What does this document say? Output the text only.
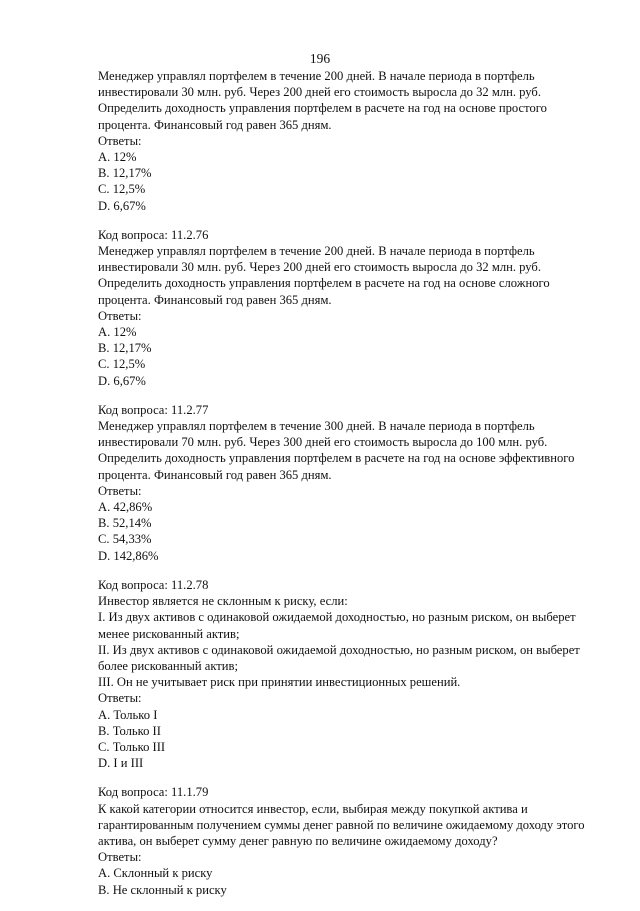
196
Менеджер управлял портфелем в течение 200 дней. В начале периода в портфель
инвестировали 30 млн. руб. Через 200 дней его стоимость выросла до 32 млн. руб.
Определить доходность управления портфелем в расчете на год на основе простого
процента. Финансовый год равен 365 дням.
Ответы:
A. 12%
B. 12,17%
C. 12,5%
D. 6,67%
Код вопроса: 11.2.76
Менеджер управлял портфелем в течение 200 дней. В начале периода в портфель
инвестировали 30 млн. руб. Через 200 дней его стоимость выросла до 32 млн. руб.
Определить доходность управления портфелем в расчете на год на основе сложного
процента. Финансовый год равен 365 дням.
Ответы:
A. 12%
B. 12,17%
C. 12,5%
D. 6,67%
Код вопроса: 11.2.77
Менеджер управлял портфелем в течение 300 дней. В начале периода в портфель
инвестировали 70 млн. руб. Через 300 дней его стоимость выросла до 100 млн. руб.
Определить доходность управления портфелем в расчете на год на основе эффективного
процента. Финансовый год равен 365 дням.
Ответы:
A. 42,86%
B. 52,14%
C. 54,33%
D. 142,86%
Код вопроса: 11.2.78
Инвестор является не склонным к риску, если:
I. Из двух активов с одинаковой ожидаемой доходностью, но разным риском, он выберет
менее рискованный актив;
II. Из двух активов с одинаковой ожидаемой доходностью, но разным риском, он выберет
более рискованный актив;
III. Он не учитывает риск при принятии инвестиционных решений.
Ответы:
A. Только I
B. Только II
C. Только III
D. I и III
Код вопроса: 11.1.79
К какой категории относится инвестор, если, выбирая между покупкой актива и
гарантированным получением суммы денег равной по величине ожидаемому доходу этого
актива, он выберет сумму денег равную по величине ожидаемому доходу?
Ответы:
A. Склонный к риску
B. Не склонный к риску
